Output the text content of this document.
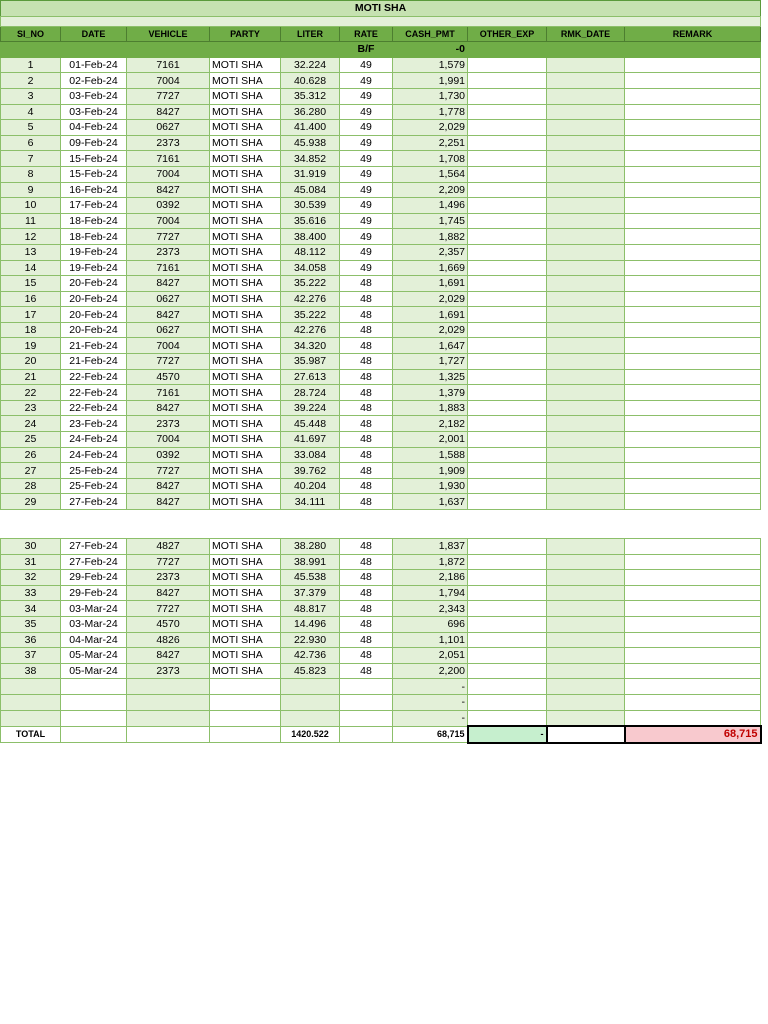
MOTI SHA									

SI_NO	DATE	VEHICLE	PARTY	LITER	RATE	CASH_PMT	OTHER_EXP	RMK_DATE	REMARK
					B/F	-0			
1	01-Feb-24	7161	MOTI SHA	32.224	49	1,579			
2	02-Feb-24	7004	MOTI SHA	40.628	49	1,991			
3	03-Feb-24	7727	MOTI SHA	35.312	49	1,730			
4	03-Feb-24	8427	MOTI SHA	36.280	49	1,778			
5	04-Feb-24	0627	MOTI SHA	41.400	49	2,029			
6	09-Feb-24	2373	MOTI SHA	45.938	49	2,251			
7	15-Feb-24	7161	MOTI SHA	34.852	49	1,708			
8	15-Feb-24	7004	MOTI SHA	31.919	49	1,564			
9	16-Feb-24	8427	MOTI SHA	45.084	49	2,209			
10	17-Feb-24	0392	MOTI SHA	30.539	49	1,496			
11	18-Feb-24	7004	MOTI SHA	35.616	49	1,745			
12	18-Feb-24	7727	MOTI SHA	38.400	49	1,882			
13	19-Feb-24	2373	MOTI SHA	48.112	49	2,357			
14	19-Feb-24	7161	MOTI SHA	34.058	49	1,669			
15	20-Feb-24	8427	MOTI SHA	35.222	48	1,691			
16	20-Feb-24	0627	MOTI SHA	42.276	48	2,029			
17	20-Feb-24	8427	MOTI SHA	35.222	48	1,691			
18	20-Feb-24	0627	MOTI SHA	42.276	48	2,029			
19	21-Feb-24	7004	MOTI SHA	34.320	48	1,647			
20	21-Feb-24	7727	MOTI SHA	35.987	48	1,727			
21	22-Feb-24	4570	MOTI SHA	27.613	48	1,325			
22	22-Feb-24	7161	MOTI SHA	28.724	48	1,379			
23	22-Feb-24	8427	MOTI SHA	39.224	48	1,883			
24	23-Feb-24	2373	MOTI SHA	45.448	48	2,182			
25	24-Feb-24	7004	MOTI SHA	41.697	48	2,001			
26	24-Feb-24	0392	MOTI SHA	33.084	48	1,588			
27	25-Feb-24	7727	MOTI SHA	39.762	48	1,909			
28	25-Feb-24	8427	MOTI SHA	40.204	48	1,930			
29	27-Feb-24	8427	MOTI SHA	34.111	48	1,637			

30	27-Feb-24	4827	MOTI SHA	38.280	48	1,837			
31	27-Feb-24	7727	MOTI SHA	38.991	48	1,872			
32	29-Feb-24	2373	MOTI SHA	45.538	48	2,186			
33	29-Feb-24	8427	MOTI SHA	37.379	48	1,794			
34	03-Mar-24	7727	MOTI SHA	48.817	48	2,343			
35	03-Mar-24	4570	MOTI SHA	14.496	48	696			
36	04-Mar-24	4826	MOTI SHA	22.930	48	1,101			
37	05-Mar-24	8427	MOTI SHA	42.736	48	2,051			
38	05-Mar-24	2373	MOTI SHA	45.823	48	2,200			
						-			
						-			
						-			
TOTAL				1420.522		68,715	-		68,715
